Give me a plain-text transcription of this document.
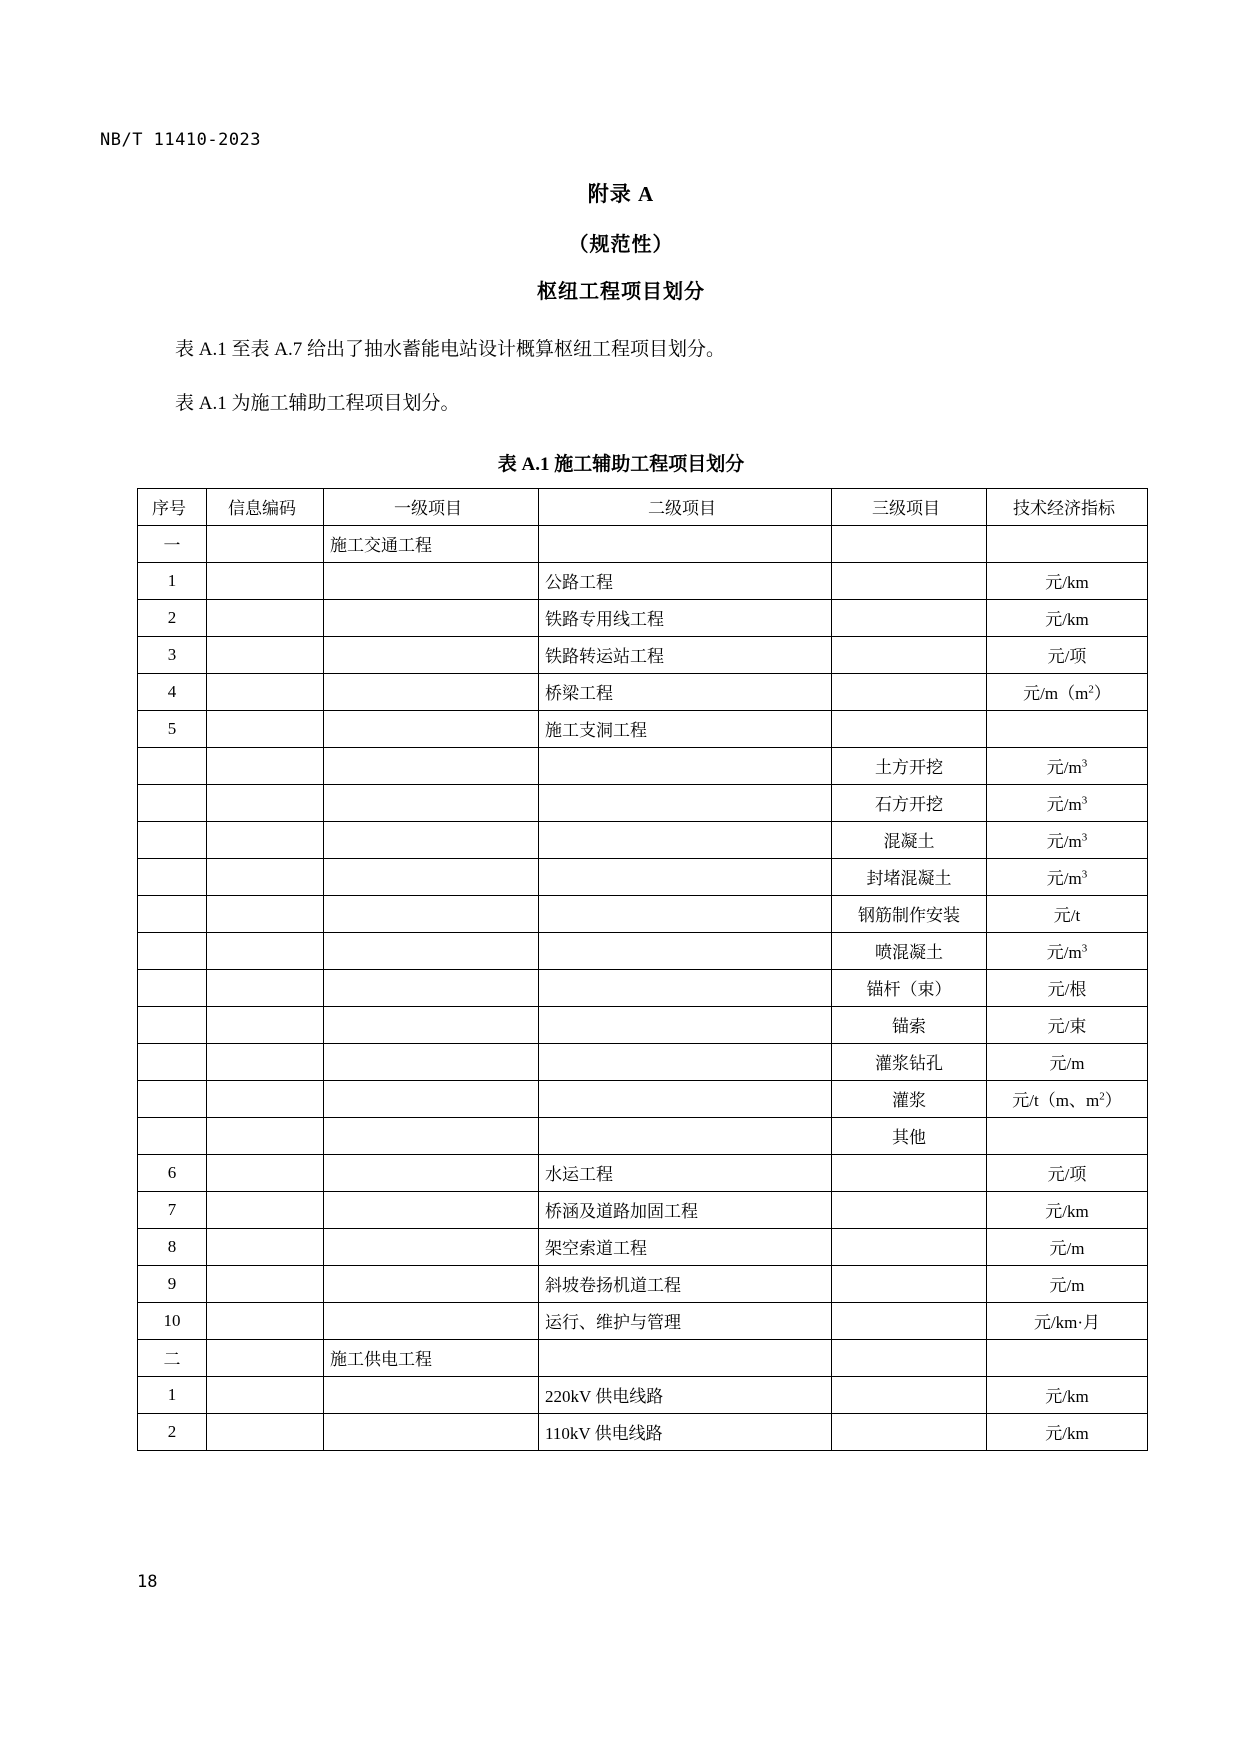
NB/T 11410-2023
附录 A
（规范性）
枢纽工程项目划分

表 A.1 至表 A.7 给出了抽水蓄能电站设计概算枢纽工程项目划分。

表 A.1 为施工辅助工程项目划分。

表 A.1 施工辅助工程项目划分
序号	信息编码	一级项目	二级项目	三级项目	技术经济指标
一		施工交通工程			
1			公路工程		元/km
2			铁路专用线工程		元/km
3			铁路转运站工程		元/项
4			桥梁工程		元$/m(m^2)$
5			施工支洞工程		
				土方开挖	元$/m^3$
				石方开挖	元$/m^3$
				混凝土	元$/m^3$
				封堵混凝土	元$/m^3$
				钢筋制作安装	元/t
				喷混凝土	元$/m^3$
				锚杆（束）	元/根
				锚索	元/束
				灌浆钻孔	元/m
				灌浆	元/t（m、$m^2$）
				其他	
6			水运工程		元/项
7			桥涵及道路加固工程		元/km
8			架空索道工程		元/m
9			斜坡卷扬机道工程		元/m
10			运行、维护与管理		元/km·月
二		施工供电工程			
1			220kV 供电线路		元/km
2			110kV 供电线路		元/km
18
